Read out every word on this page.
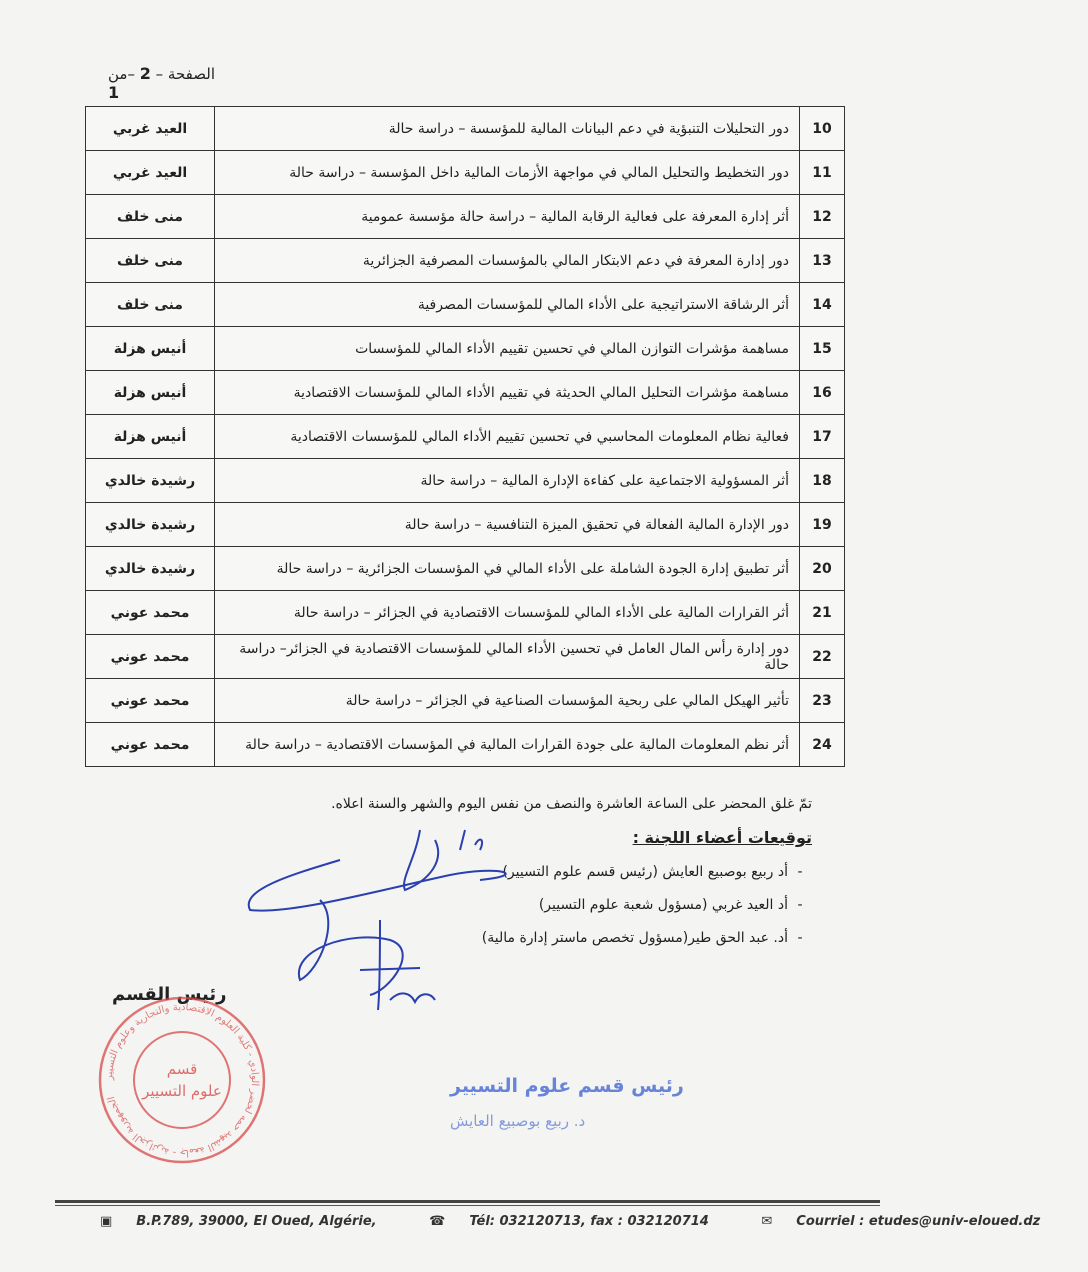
الصفحة – 2 –من 1
10	دور التحليلات التنبؤية في دعم البيانات المالية للمؤسسة – دراسة حالة	العيد غربي
11	دور التخطيط والتحليل المالي في مواجهة الأزمات المالية داخل المؤسسة – دراسة حالة	العيد غربي
12	أثر إدارة المعرفة على فعالية الرقابة المالية – دراسة حالة مؤسسة عمومية	منى خلف
13	دور إدارة المعرفة في دعم الابتكار المالي بالمؤسسات المصرفية الجزائرية	منى خلف
14	أثر الرشاقة الاستراتيجية على الأداء المالي للمؤسسات المصرفية	منى خلف
15	مساهمة مؤشرات التوازن المالي في تحسين تقييم الأداء المالي للمؤسسات	أنيس هزلة
16	مساهمة مؤشرات التحليل المالي الحديثة في تقييم الأداء المالي للمؤسسات الاقتصادية	أنيس هزلة
17	فعالية نظام المعلومات المحاسبي في تحسين تقييم الأداء المالي للمؤسسات الاقتصادية	أنيس هزلة
18	أثر المسؤولية الاجتماعية على كفاءة الإدارة المالية – دراسة حالة	رشيدة خالدي
19	دور الإدارة المالية الفعالة في تحقيق الميزة التنافسية – دراسة حالة	رشيدة خالدي
20	أثر تطبيق إدارة الجودة الشاملة على الأداء المالي في المؤسسات الجزائرية – دراسة حالة	رشيدة خالدي
21	أثر القرارات المالية على الأداء المالي للمؤسسات الاقتصادية في الجزائر – دراسة حالة	محمد عوني
22	دور إدارة رأس المال العامل في تحسين الأداء المالي للمؤسسات الاقتصادية في الجزائر– دراسة حالة	محمد عوني
23	تأثير الهيكل المالي على ربحية المؤسسات الصناعية في الجزائر – دراسة حالة	محمد عوني
24	أثر نظم المعلومات المالية على جودة القرارات المالية في المؤسسات الاقتصادية – دراسة حالة	محمد عوني
تمّ غلق المحضر على الساعة العاشرة والنصف من نفس اليوم والشهر والسنة اعلاه.
توقيعات أعضاء اللجنة :
-أد ربيع بوصبيع العايش (رئيس قسم علوم التسيير)
-أد العيد غربي (مسؤول شعبة علوم التسيير)
-أد. عبد الحق طير(مسؤول تخصص ماستر إدارة مالية)
رئيس القسم
الجمهورية الجزائرية - جامعة الشهيد حمه لخضر الوادي - كلية العلوم الاقتصادية والتجارية وعلوم التسيير
قسم
علوم التسيير	رئيس قسم علوم التسيير
د. ربيع بوصبيع العايش
▣ B.P.789, 39000, El Oued, Algérie,	☎ Tél: 032120713, fax : 032120714	✉ Courriel : etudes@univ-eloued.dz
